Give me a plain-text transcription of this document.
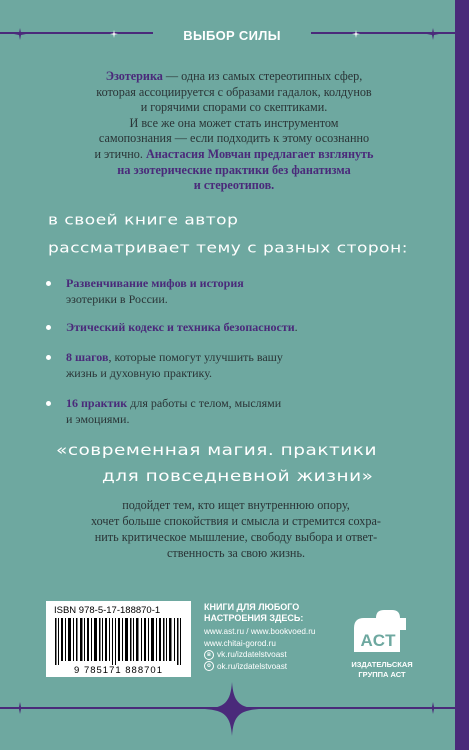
ВЫБОР СИЛЫ
Эзотерика — одна из самых стереотипных сфер,
которая ассоциируется с образами гадалок, колдунов
и горячими спорами со скептиками.
И все же она может стать инструментом
самопознания — если подходить к этому осознанно
и этично. Анастасия Мовчан предлагает взглянуть
на эзотерические практики без фанатизма
и стереотипов.
в своей книге автор
рассматривает тему с разных сторон:
Развенчивание мифов и история
эзотерики в России.
Этический кодекс и техника безопасности.
8 шагов, которые помогут улучшить вашу
жизнь и духовную практику.
16 практик для работы с телом, мыслями
и эмоциями.
«современная магия. практики
для повседневной жизни»
подойдет тем, кто ищет внутреннюю опору,
хочет больше спокойствия и смысла и стремится сохра-
нить критическое мышление, свободу выбора и ответ-
ственность за свою жизнь.
ISBN 978-5-17-188870-1
9 785171 888701
КНИГИ ДЛЯ ЛЮБОГО
НАСТРОЕНИЯ ЗДЕСЬ:
www.ast.ru / www.bookvoed.ru
www.chitai-gorod.ru
в vk.ru/izdatelstvoast
о ok.ru/izdatelstvoast
ACT
ИЗДАТЕЛЬСКАЯ
ГРУППА АСТ
